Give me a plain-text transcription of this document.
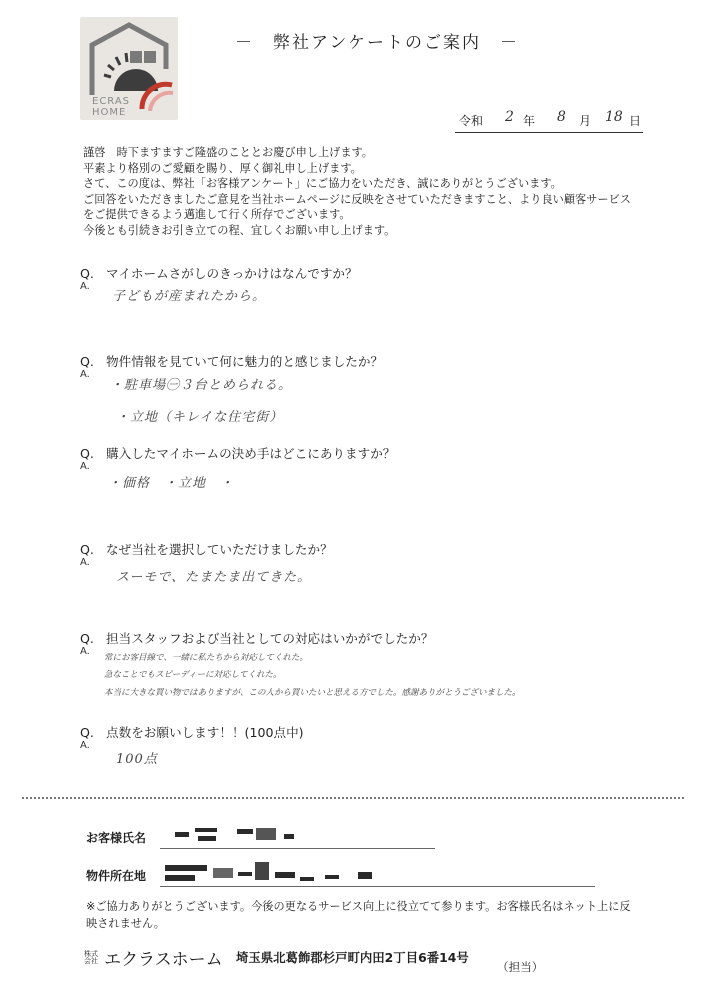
ECRAS
HOME
－　弊社アンケートのご案内　－
令和 2 年 8 月 18 日
謹啓　時下ますますご隆盛のこととお慶び申し上げます。
平素より格別のご愛顧を賜り、厚く御礼申し上げます。
さて、この度は、弊社「お客様アンケート」にご協力をいただき、誠にありがとうございます。
ご回答をいただきましたご意見を当社ホームページに反映をさせていただきますこと、より良い顧客サービス
をご提供できるよう邁進して行く所存でございます。
今後とも引続きお引き立ての程、宜しくお願い申し上げます。
Q. マイホームさがしのきっかけはなんですか？
A.
子どもが産まれたから。
Q. 物件情報を見ていて何に魅力的と感じましたか？
A.
・駐車場㊀３台とめられる。
・立地（キレイな住宅街）
Q. 購入したマイホームの決め手はどこにありますか？
A.
・価格　・立地　・
Q. なぜ当社を選択していただけましたか？
A.
スーモで、たまたま出てきた。
Q. 担当スタッフおよび当社としての対応はいかがでしたか？
A.
常にお客目線で、一緒に私たちから対応してくれた。
急なことでもスピーディーに対応してくれた。
本当に大きな買い物ではありますが、この人から買いたいと思える方でした。感謝ありがとうございました。
Q. 点数をお願いします！！(100点中)
A.
100点
お客様氏名
物件所在地
※ご協力ありがとうございます。今後の更なるサービス向上に役立てて参ります。お客様氏名はネット上に反映されません。
株式
会社 エクラスホーム 埼玉県北葛飾郡杉戸町内田2丁目6番14号
（担当）
